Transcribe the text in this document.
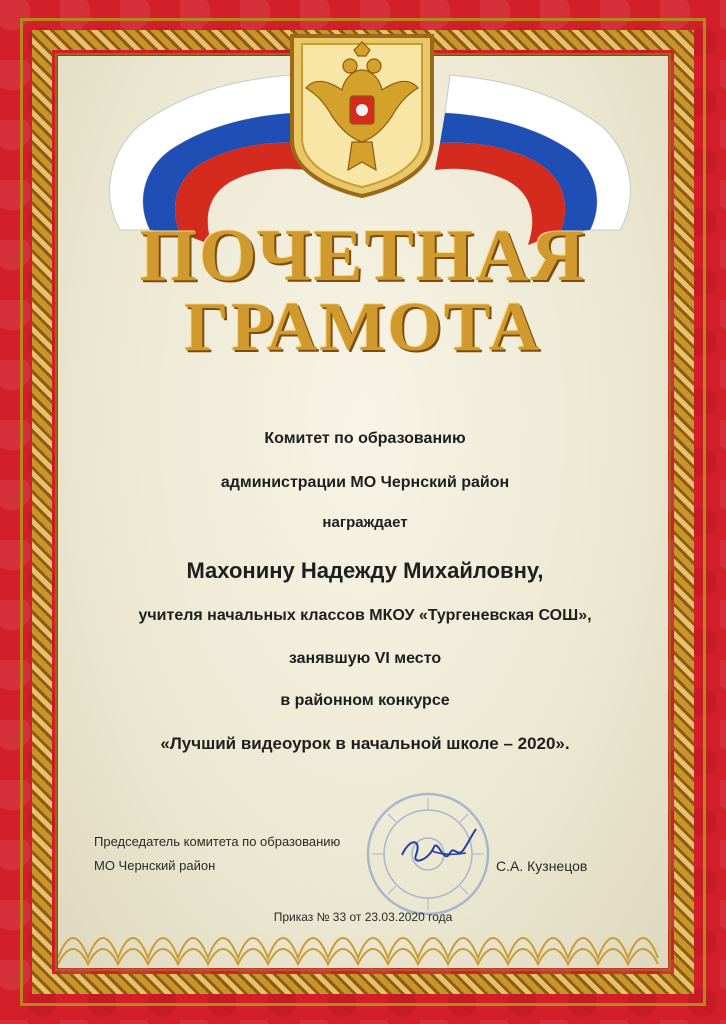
ПОЧЕТНАЯ
ГРАМОТА
Комитет по образованию
администрации МО Чернский район
награждает
Махонину Надежду Михайловну,
учителя начальных классов МКОУ «Тургеневская СОШ»,
занявшую VI место
в районном конкурсе
«Лучший видеоурок в начальной школе – 2020».
Председатель комитета по образованию
МО Чернский район	С.А. Кузнецов
Приказ № 33 от 23.03.2020 года
